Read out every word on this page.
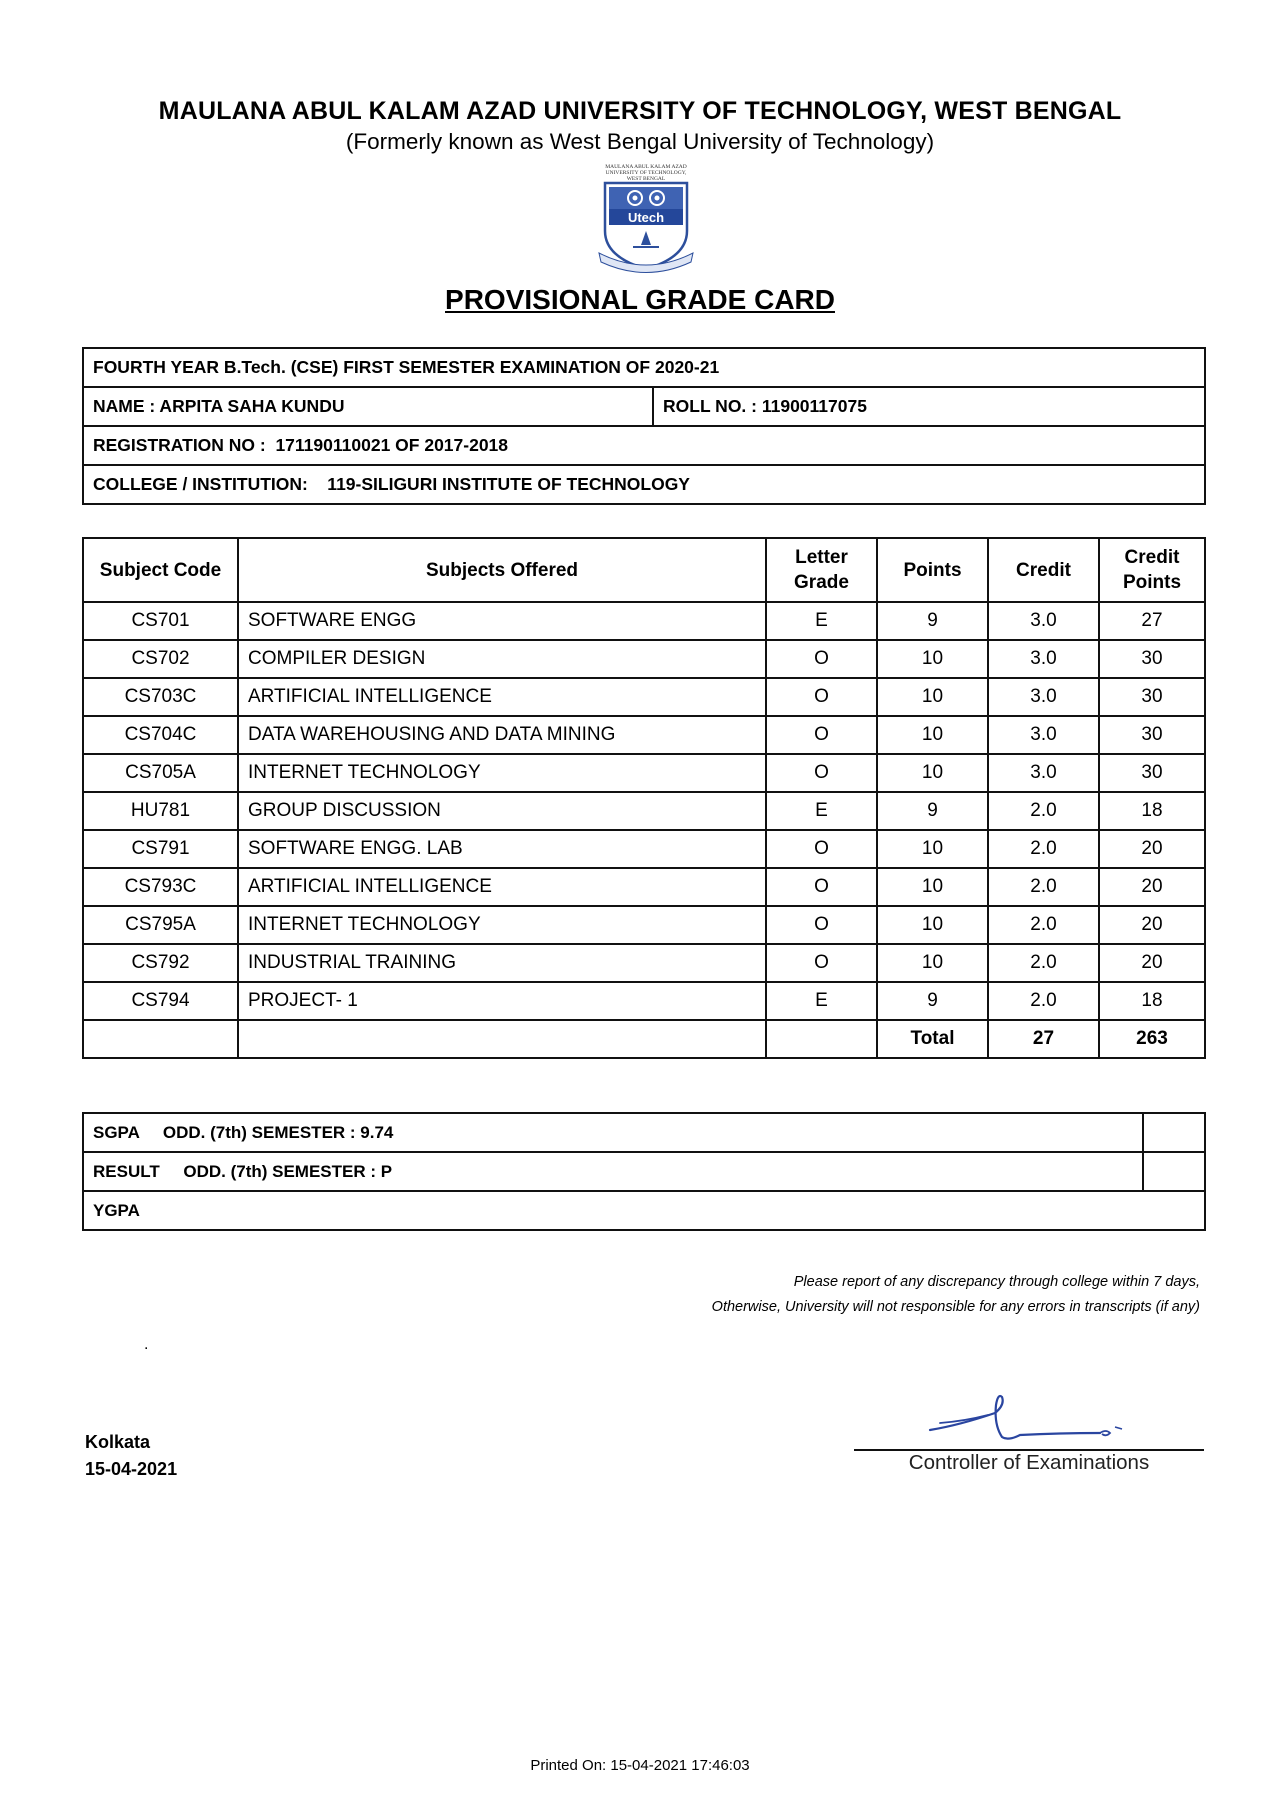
MAULANA ABUL KALAM AZAD UNIVERSITY OF TECHNOLOGY, WEST BENGAL
(Formerly known as West Bengal University of Technology)
MAULANA ABUL KALAM AZAD
UNIVERSITY OF TECHNOLOGY,
WEST BENGAL
Utech
PROVISIONAL GRADE CARD
FOURTH YEAR B.Tech. (CSE) FIRST SEMESTER EXAMINATION OF 2020-21
NAME : ARPITA SAHA KUNDU	ROLL NO. : 11900117075
REGISTRATION NO :  171190110021 OF 2017-2018
COLLEGE / INSTITUTION:    119-SILIGURI INSTITUTE OF TECHNOLOGY
Subject Code	Subjects Offered	Letter Grade	Points	Credit	Credit Points
CS701	SOFTWARE ENGG	E	9	3.0	27
CS702	COMPILER DESIGN	O	10	3.0	30
CS703C	ARTIFICIAL INTELLIGENCE	O	10	3.0	30
CS704C	DATA WAREHOUSING AND DATA MINING	O	10	3.0	30
CS705A	INTERNET TECHNOLOGY	O	10	3.0	30
HU781	GROUP DISCUSSION	E	9	2.0	18
CS791	SOFTWARE ENGG. LAB	O	10	2.0	20
CS793C	ARTIFICIAL INTELLIGENCE	O	10	2.0	20
CS795A	INTERNET TECHNOLOGY	O	10	2.0	20
CS792	INDUSTRIAL TRAINING	O	10	2.0	20
CS794	PROJECT- 1	E	9	2.0	18
			Total	27	263
SGPA     ODD. (7th) SEMESTER : 9.74	
RESULT     ODD. (7th) SEMESTER : P	
YGPA	
Please report of any discrepancy through college within 7 days,
Otherwise, University will not responsible for any errors in transcripts (if any)
.
Kolkata
15-04-2021	Controller of Examinations
Printed On: 15-04-2021 17:46:03
